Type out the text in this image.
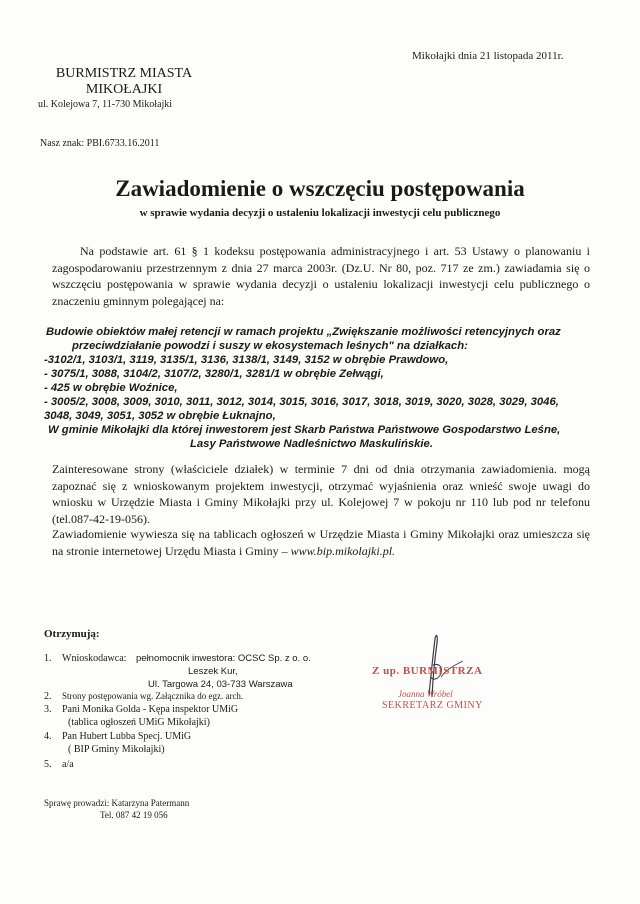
Mikołajki dnia 21 listopada 2011r.
BURMISTRZ MIASTA
MIKOŁAJKI
ul. Kolejowa 7, 11-730 Mikołajki
Nasz znak: PBI.6733.16.2011
Zawiadomienie o wszczęciu postępowania
w sprawie wydania decyzji o ustaleniu lokalizacji inwestycji celu publicznego
Na podstawie art. 61 § 1 kodeksu postępowania administracyjnego i art. 53 Ustawy o planowaniu i zagospodarowaniu przestrzennym z dnia 27 marca 2003r. (Dz.U. Nr 80, poz. 717 ze zm.) zawiadamia się o wszczęciu postępowania w sprawie wydania decyzji o ustaleniu lokalizacji inwestycji celu publicznego o znaczeniu gminnym polegającej na:
Budowie obiektów małej retencji w ramach projektu „Zwiększanie możliwości retencyjnych oraz
przeciwdziałanie powodzi i suszy w ekosystemach leśnych" na działkach:
-3102/1, 3103/1, 3119, 3135/1, 3136, 3138/1, 3149, 3152 w obrębie Prawdowo,
- 3075/1, 3088, 3104/2, 3107/2, 3280/1, 3281/1 w obrębie Zełwągi,
- 425 w obrębie Woźnice,
- 3005/2, 3008, 3009, 3010, 3011, 3012, 3014, 3015, 3016, 3017, 3018, 3019, 3020, 3028, 3029, 3046,
3048, 3049, 3051, 3052 w obrębie Łuknajno,
W gminie Mikołajki dla której inwestorem jest Skarb Państwa Państwowe Gospodarstwo Leśne,
Lasy Państwowe Nadleśnictwo Maskulińskie.
Zainteresowane strony (właściciele działek) w terminie 7 dni od dnia otrzymania zawiadomienia. mogą zapoznać się z wnioskowanym projektem inwestycji, otrzymać wyjaśnienia oraz wnieść swoje uwagi do wniosku w Urzędzie Miasta i Gminy Mikołajki przy ul. Kolejowej 7 w pokoju nr 110 lub pod nr telefonu (tel.087-42-19-056).
Zawiadomienie wywiesza się na tablicach ogłoszeń w Urzędzie Miasta i Gminy Mikołajki oraz umieszcza się na stronie internetowej Urzędu Miasta i Gminy – www.bip.mikolajki.pl.
Otrzymują:
1. Wnioskodawca: pełnomocnik inwestora: OCSC Sp. z o. o.
Leszek Kur,
Ul. Targowa 24, 03-733 Warszawa
2. Strony postępowania wg. Załącznika do egz. arch.
3. Pani Monika Golda - Kępa inspektor UMiG
(tablica ogłoszeń UMiG Mikołajki)
4. Pan Hubert Lubba Specj. UMiG
( BIP Gminy Mikołajki)
5. a/a
Z up. BURMISTRZA
Joanna Wróbel
SEKRETARZ GMINY
Sprawę prowadzi: Katarzyna Patermann
Tel. 087 42 19 056
